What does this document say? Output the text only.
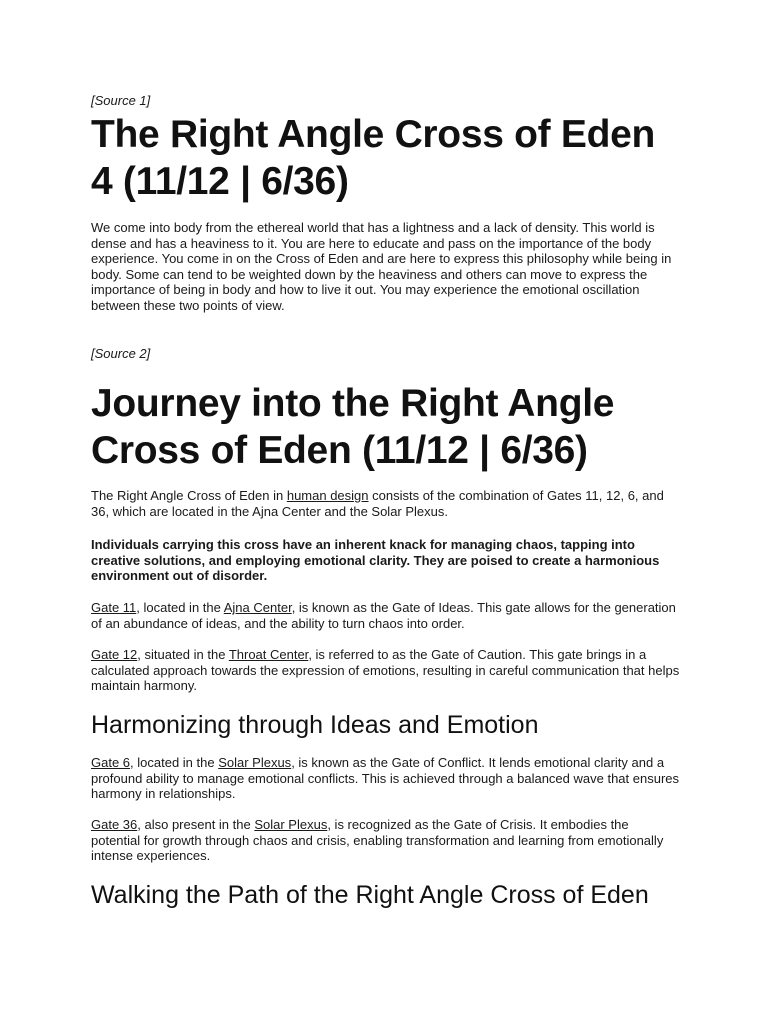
[Source 1]
The Right Angle Cross of Eden 4 (11/12 | 6/36)

We come into body from the ethereal world that has a lightness and a lack of density. This world is dense and has a heaviness to it. You are here to educate and pass on the importance of the body experience. You come in on the Cross of Eden and are here to express this philosophy while being in body. Some can tend to be weighted down by the heaviness and others can move to express the importance of being in body and how to live it out. You may experience the emotional oscillation between these two points of view.

[Source 2]
Journey into the Right Angle Cross of Eden (11/12 | 6/36)

The Right Angle Cross of Eden in human design consists of the combination of Gates 11, 12, 6, and 36, which are located in the Ajna Center and the Solar Plexus.

Individuals carrying this cross have an inherent knack for managing chaos, tapping into creative solutions, and employing emotional clarity. They are poised to create a harmonious environment out of disorder.

Gate 11, located in the Ajna Center, is known as the Gate of Ideas. This gate allows for the generation of an abundance of ideas, and the ability to turn chaos into order.

Gate 12, situated in the Throat Center, is referred to as the Gate of Caution. This gate brings in a calculated approach towards the expression of emotions, resulting in careful communication that helps maintain harmony.

Harmonizing through Ideas and Emotion

Gate 6, located in the Solar Plexus, is known as the Gate of Conflict. It lends emotional clarity and a profound ability to manage emotional conflicts. This is achieved through a balanced wave that ensures harmony in relationships.

Gate 36, also present in the Solar Plexus, is recognized as the Gate of Crisis. It embodies the potential for growth through chaos and crisis, enabling transformation and learning from emotionally intense experiences.

Walking the Path of the Right Angle Cross of Eden
